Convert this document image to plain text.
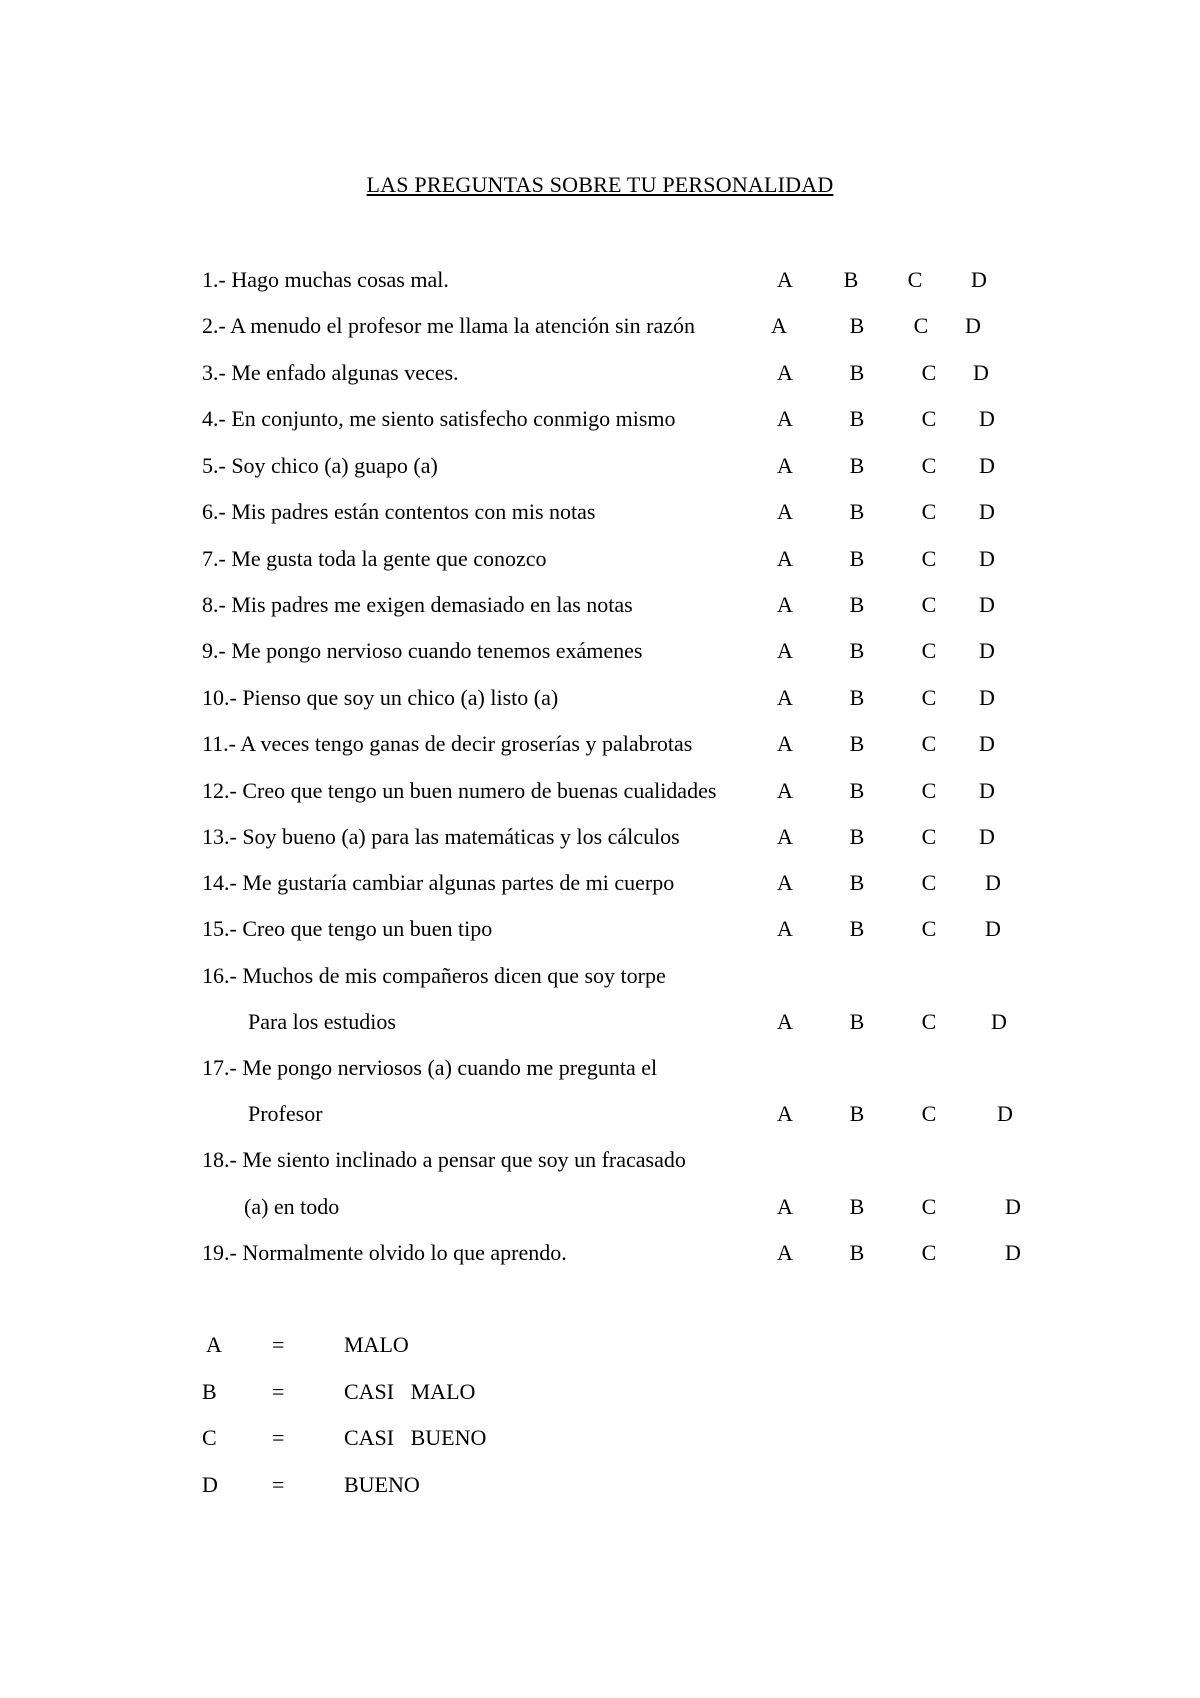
LAS PREGUNTAS SOBRE TU PERSONALIDAD
1.- Hago muchas cosas mal.	A	B	C	D
2.- A menudo el profesor me llama la atención sin razón	A	B	C	D
3.- Me enfado algunas veces.	A	B	C	D
4.- En conjunto, me siento satisfecho conmigo mismo	A	B	C	D
5.- Soy chico (a) guapo (a)	A	B	C	D
6.- Mis padres están contentos con mis notas	A	B	C	D
7.- Me gusta toda la gente que conozco	A	B	C	D
8.- Mis padres me exigen demasiado en las notas	A	B	C	D
9.- Me pongo nervioso cuando tenemos exámenes	A	B	C	D
10.- Pienso que soy un chico (a) listo (a)	A	B	C	D
11.- A veces tengo ganas de decir groserías y palabrotas	A	B	C	D
12.- Creo que tengo un buen numero de buenas cualidades	A	B	C	D
13.- Soy bueno (a) para las matemáticas y los cálculos	A	B	C	D
14.- Me gustaría cambiar algunas partes de mi cuerpo	A	B	C	D
15.- Creo que tengo un buen tipo	A	B	C	D
16.- Muchos de mis compañeros dicen que soy torpe
Para los estudios	A	B	C	D
17.- Me pongo nerviosos (a) cuando me pregunta el
Profesor	A	B	C	D
18.- Me siento inclinado a pensar que soy un fracasado
(a) en todo	A	B	C	D
19.- Normalmente olvido lo que aprendo.	A	B	C	D
A	=	MALO
B	=	CASI   MALO
C	=	CASI   BUENO
D	=	BUENO
